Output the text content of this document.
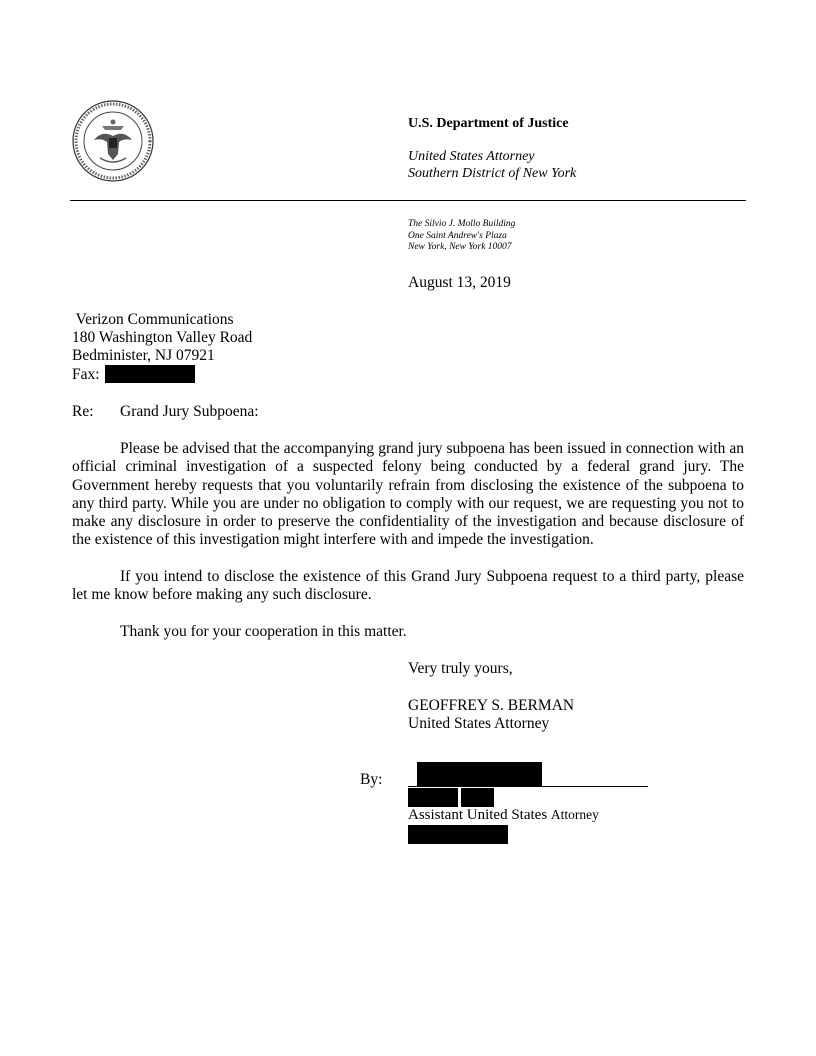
U.S. Department of Justice
United States Attorney
Southern District of New York
The Silvio J. Mollo Building
One Saint Andrew's Plaza
New York, New York 10007
August 13, 2019
Verizon Communications
180 Washington Valley Road
Bedminister, NJ 07921
Fax:
Re: Grand Jury Subpoena:

Please be advised that the accompanying grand jury subpoena has been issued in connection with an official criminal investigation of a suspected felony being conducted by a federal grand jury. The Government hereby requests that you voluntarily refrain from disclosing the existence of the subpoena to any third party. While you are under no obligation to comply with our request, we are requesting you not to make any disclosure in order to preserve the confidentiality of the investigation and because disclosure of the existence of this investigation might interfere with and impede the investigation.

If you intend to disclose the existence of this Grand Jury Subpoena request to a third party, please let me know before making any such disclosure.

Thank you for your cooperation in this matter.

Very truly yours,
GEOFFREY S. BERMAN
United States Attorney
By:
Assistant United States Attorney
